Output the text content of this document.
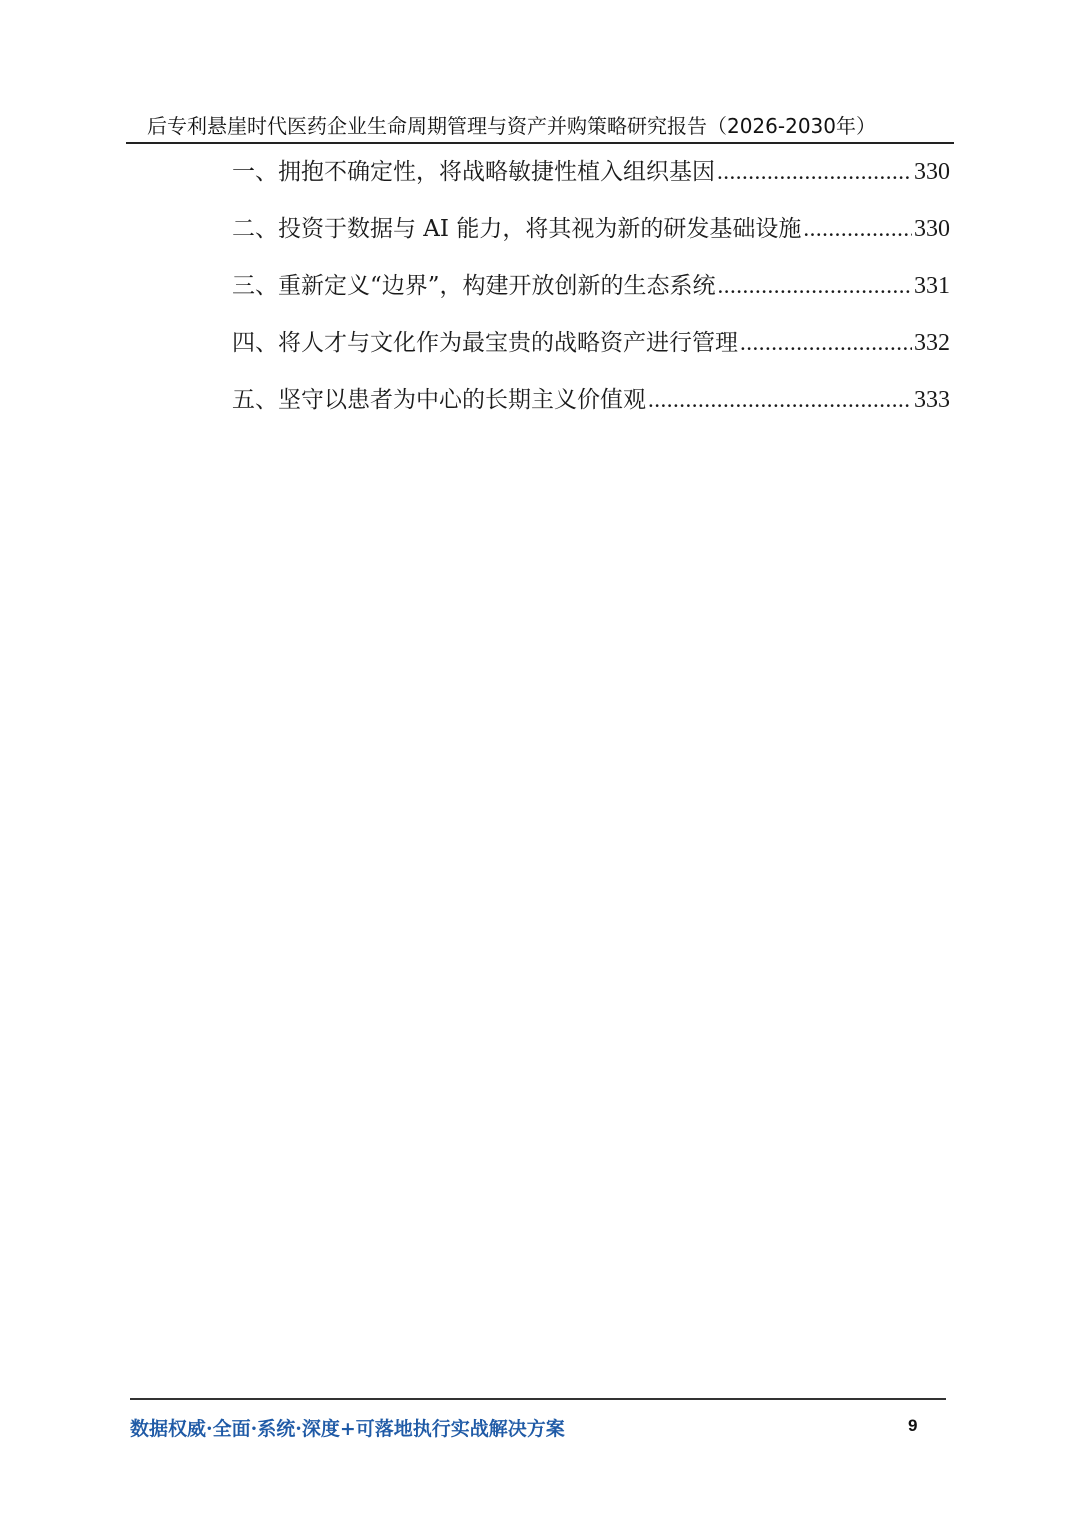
后专利悬崖时代医药企业生命周期管理与资产并购策略研究报告（2026-2030年）
一、拥抱不确定性，将战略敏捷性植入组织基因 .....	330
二、投资于数据与 AI 能力，将其视为新的研发基础设施 .....	330
三、重新定义“边界”，构建开放创新的生态系统 .....	331
四、将人才与文化作为最宝贵的战略资产进行管理 .....	332
五、坚守以患者为中心的长期主义价值观 .....	333
数据权威·全面·系统·深度+可落地执行实战解决方案	9
